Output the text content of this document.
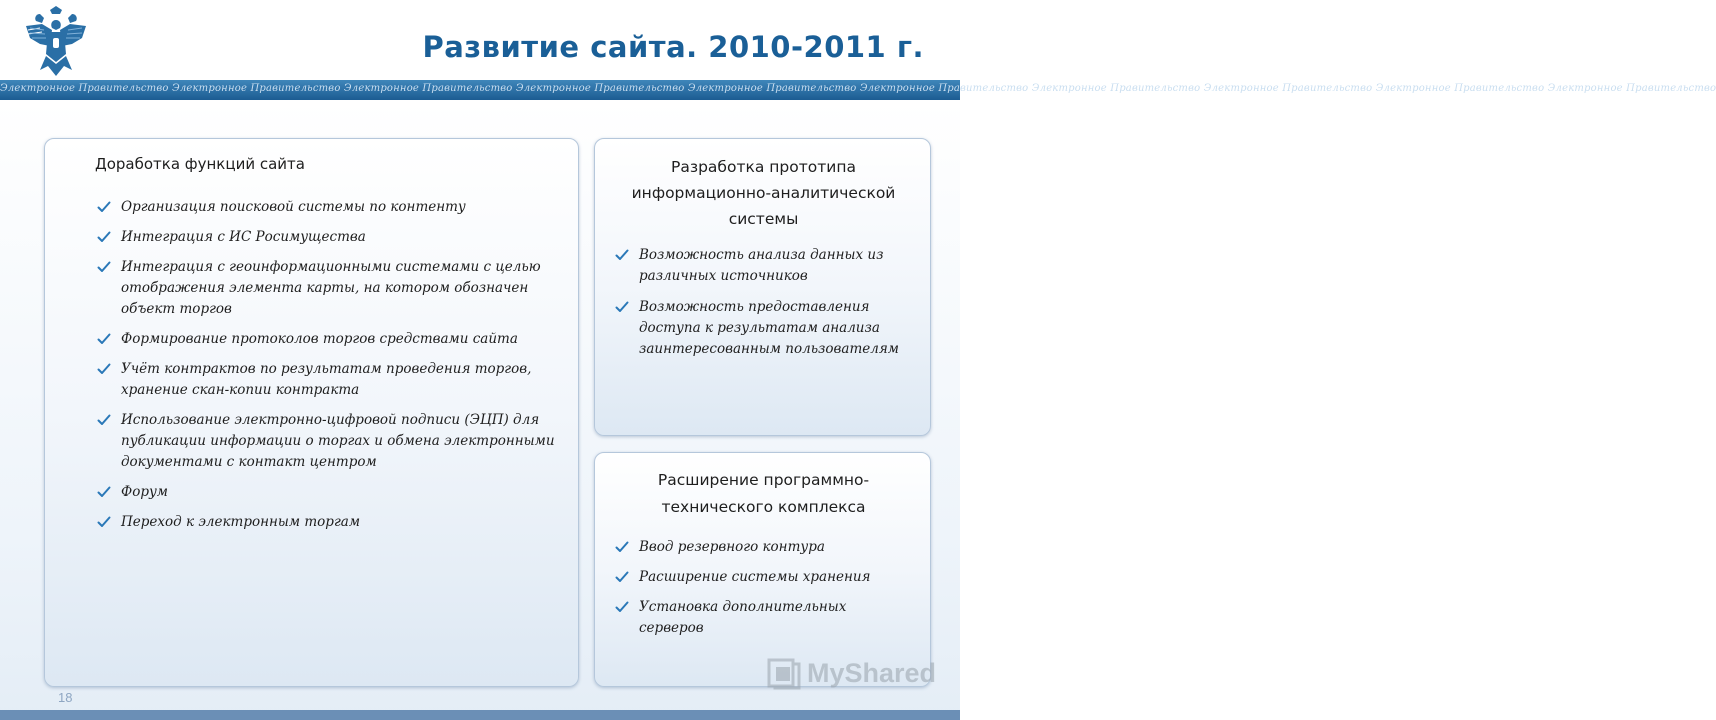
Развитие сайта. 2010-2011 г.
Электронное Правительство Электронное Правительство Электронное Правительство Электронное Правительство Электронное Правительство Электронное Правительство Электронное Правительство Электронное Правительство Электронное Правительство Электронное Правительство
Доработка функций сайта
Организация поисковой системы по контенту
Интеграция с ИС Росимущества
Интеграция с геоинформационными системами с целью отображения элемента карты, на котором обозначен объект торгов
Формирование протоколов торгов средствами сайта
Учёт контрактов по результатам проведения торгов, хранение скан-копии контракта
Использование электронно-цифровой подписи (ЭЦП) для публикации информации о торгах и обмена электронными документами с контакт центром
Форум
Переход к электронным торгам
Разработка прототипа информационно-аналитической системы
Возможность анализа данных из различных источников
Возможность предоставления доступа к результатам анализа заинтересованным пользователям
Расширение программно-технического комплекса
Ввод резервного контура
Расширение системы хранения
Установка дополнительных серверов
MyShared
18
